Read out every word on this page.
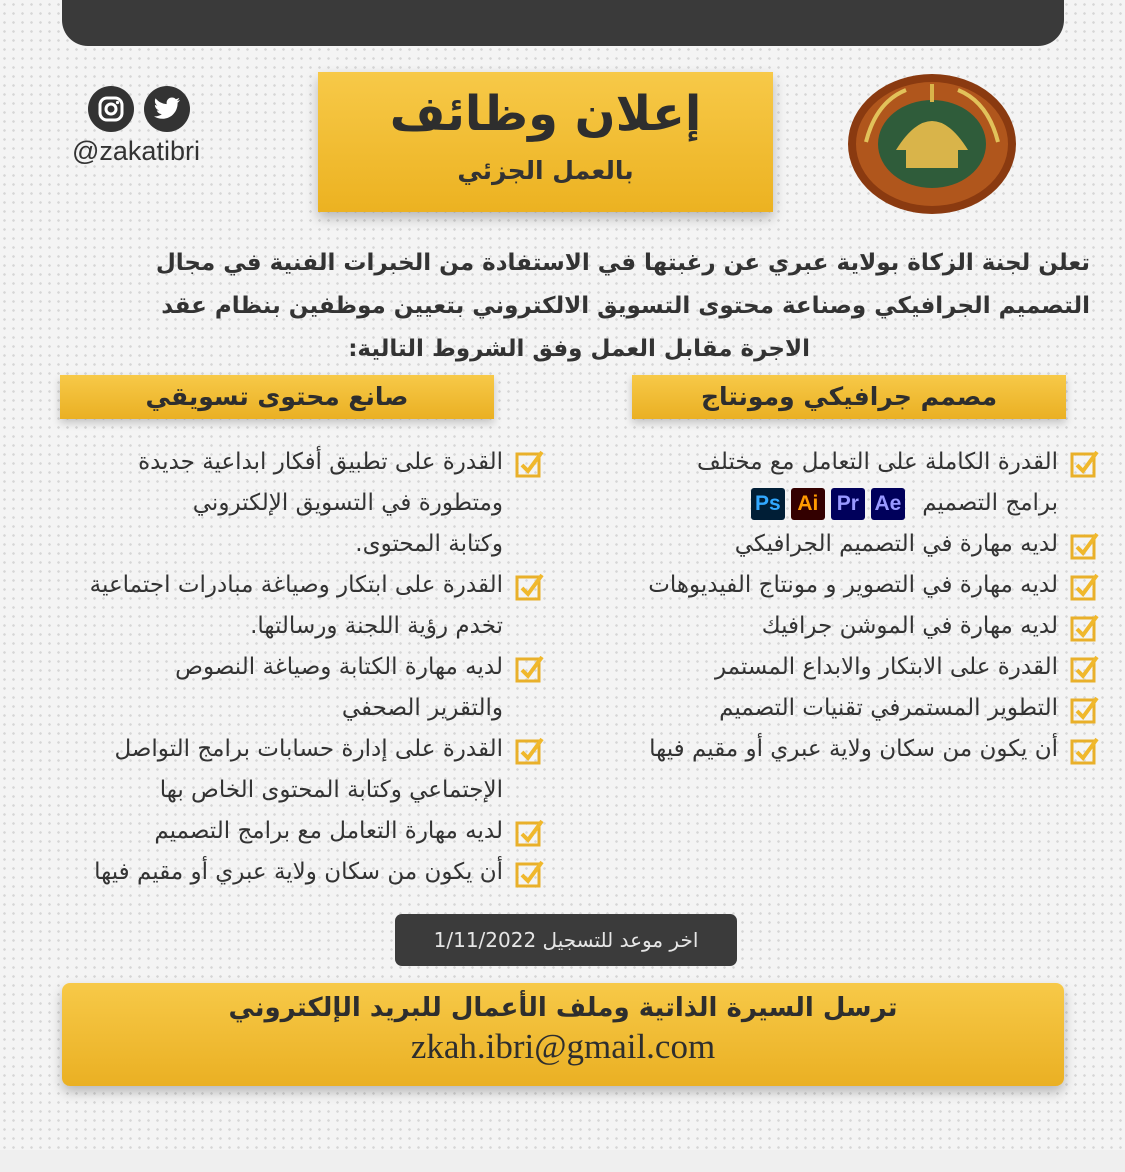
@zakatibri
إعلان وظائف
بالعمل الجزئي
تعلن لجنة الزكاة بولاية عبري عن رغبتها في الاستفادة من الخبرات الفنية في مجال
التصميم الجرافيكي وصناعة محتوى التسويق الالكتروني بتعيين موظفين بنظام عقد
الاجرة مقابل العمل وفق الشروط التالية:
مصمم جرافيكي ومونتاج
صانع محتوى تسويقي
القدرة الكاملة على التعامل مع مختلف
برامج التصميم
Ps Ai Pr Ae
لديه مهارة في التصميم الجرافيكي
لديه مهارة في التصوير و مونتاج الفيديوهات
لديه مهارة في الموشن جرافيك
القدرة على الابتكار والابداع المستمر
التطوير المستمرفي تقنيات التصميم
أن يكون من سكان ولاية عبري أو مقيم فيها
القدرة على تطبيق أفكار ابداعية جديدة
ومتطورة في التسويق الإلكتروني
وكتابة المحتوى.
القدرة على ابتكار وصياغة مبادرات اجتماعية
تخدم رؤية اللجنة ورسالتها.
لديه مهارة الكتابة وصياغة النصوص
والتقرير الصحفي
القدرة على إدارة حسابات برامج التواصل
الإجتماعي وكتابة المحتوى الخاص بها
لديه مهارة التعامل مع برامج التصميم
أن يكون من سكان ولاية عبري أو مقيم فيها
اخر موعد للتسجيل 1/11/2022
ترسل السيرة الذاتية وملف الأعمال للبريد الإلكتروني
zkah.ibri@gmail.com
